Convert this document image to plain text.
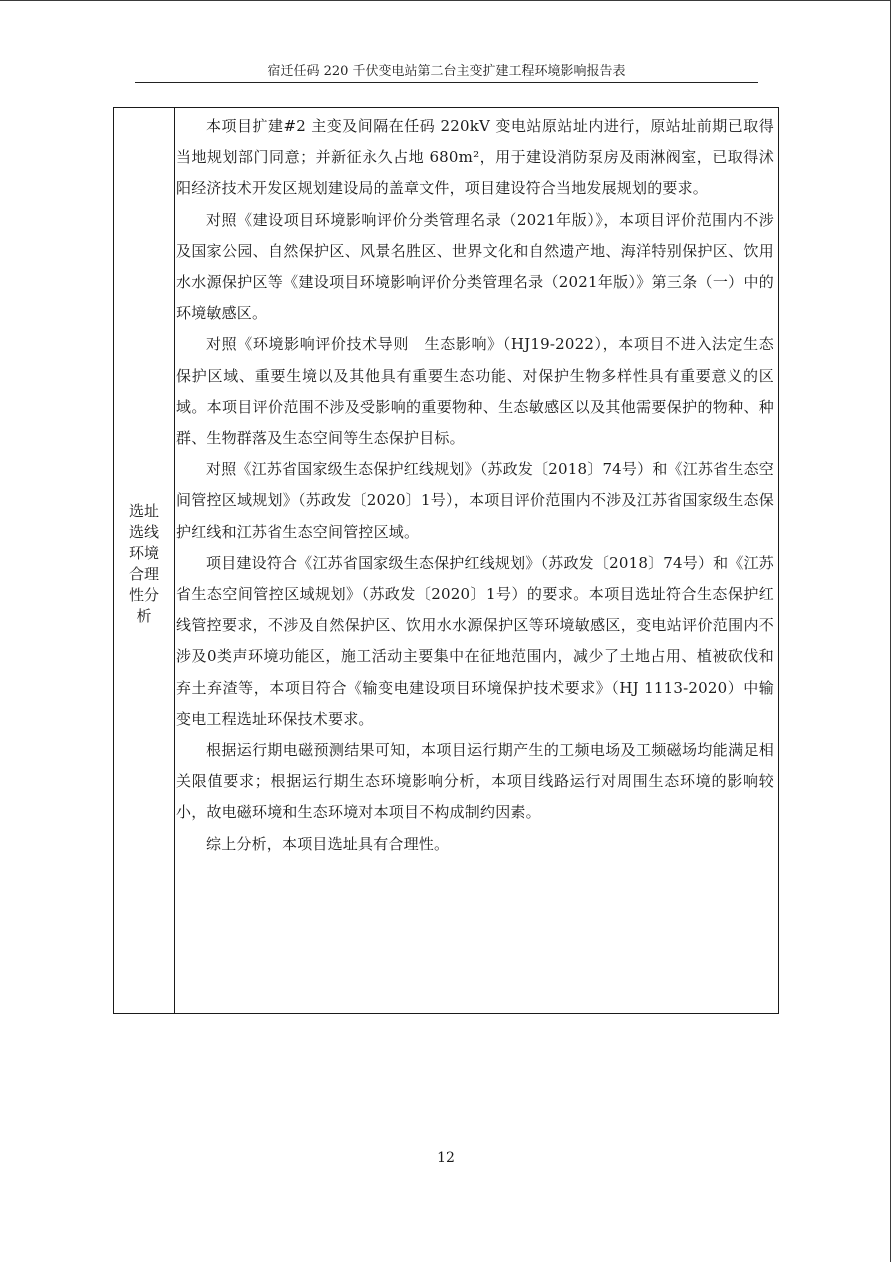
宿迁任码 220 千伏变电站第二台主变扩建工程环境影响报告表
选址选线环境合理性分析

本项目扩建#2 主变及间隔在任码 220kV 变电站原站址内进行，原站址前期已取得当地规划部门同意；并新征永久占地 680m²，用于建设消防泵房及雨淋阀室，已取得沭阳经济技术开发区规划建设局的盖章文件，项目建设符合当地发展规划的要求。

对照《建设项目环境影响评价分类管理名录（2021年版）》，本项目评价范围内不涉及国家公园、自然保护区、风景名胜区、世界文化和自然遗产地、海洋特别保护区、饮用水水源保护区等《建设项目环境影响评价分类管理名录（2021年版）》第三条（一）中的环境敏感区。

对照《环境影响评价技术导则　生态影响》（HJ19-2022），本项目不进入法定生态保护区域、重要生境以及其他具有重要生态功能、对保护生物多样性具有重要意义的区域。本项目评价范围不涉及受影响的重要物种、生态敏感区以及其他需要保护的物种、种群、生物群落及生态空间等生态保护目标。

对照《江苏省国家级生态保护红线规划》（苏政发〔2018〕74号）和《江苏省生态空间管控区域规划》（苏政发〔2020〕1号），本项目评价范围内不涉及江苏省国家级生态保护红线和江苏省生态空间管控区域。

项目建设符合《江苏省国家级生态保护红线规划》（苏政发〔2018〕74号）和《江苏省生态空间管控区域规划》（苏政发〔2020〕1号）的要求。本项目选址符合生态保护红线管控要求，不涉及自然保护区、饮用水水源保护区等环境敏感区，变电站评价范围内不涉及0类声环境功能区，施工活动主要集中在征地范围内，减少了土地占用、植被砍伐和弃土弃渣等，本项目符合《输变电建设项目环境保护技术要求》（HJ 1113-2020）中输变电工程选址环保技术要求。

根据运行期电磁预测结果可知，本项目运行期产生的工频电场及工频磁场均能满足相关限值要求；根据运行期生态环境影响分析，本项目线路运行对周围生态环境的影响较小，故电磁环境和生态环境对本项目不构成制约因素。

综上分析，本项目选址具有合理性。

12
